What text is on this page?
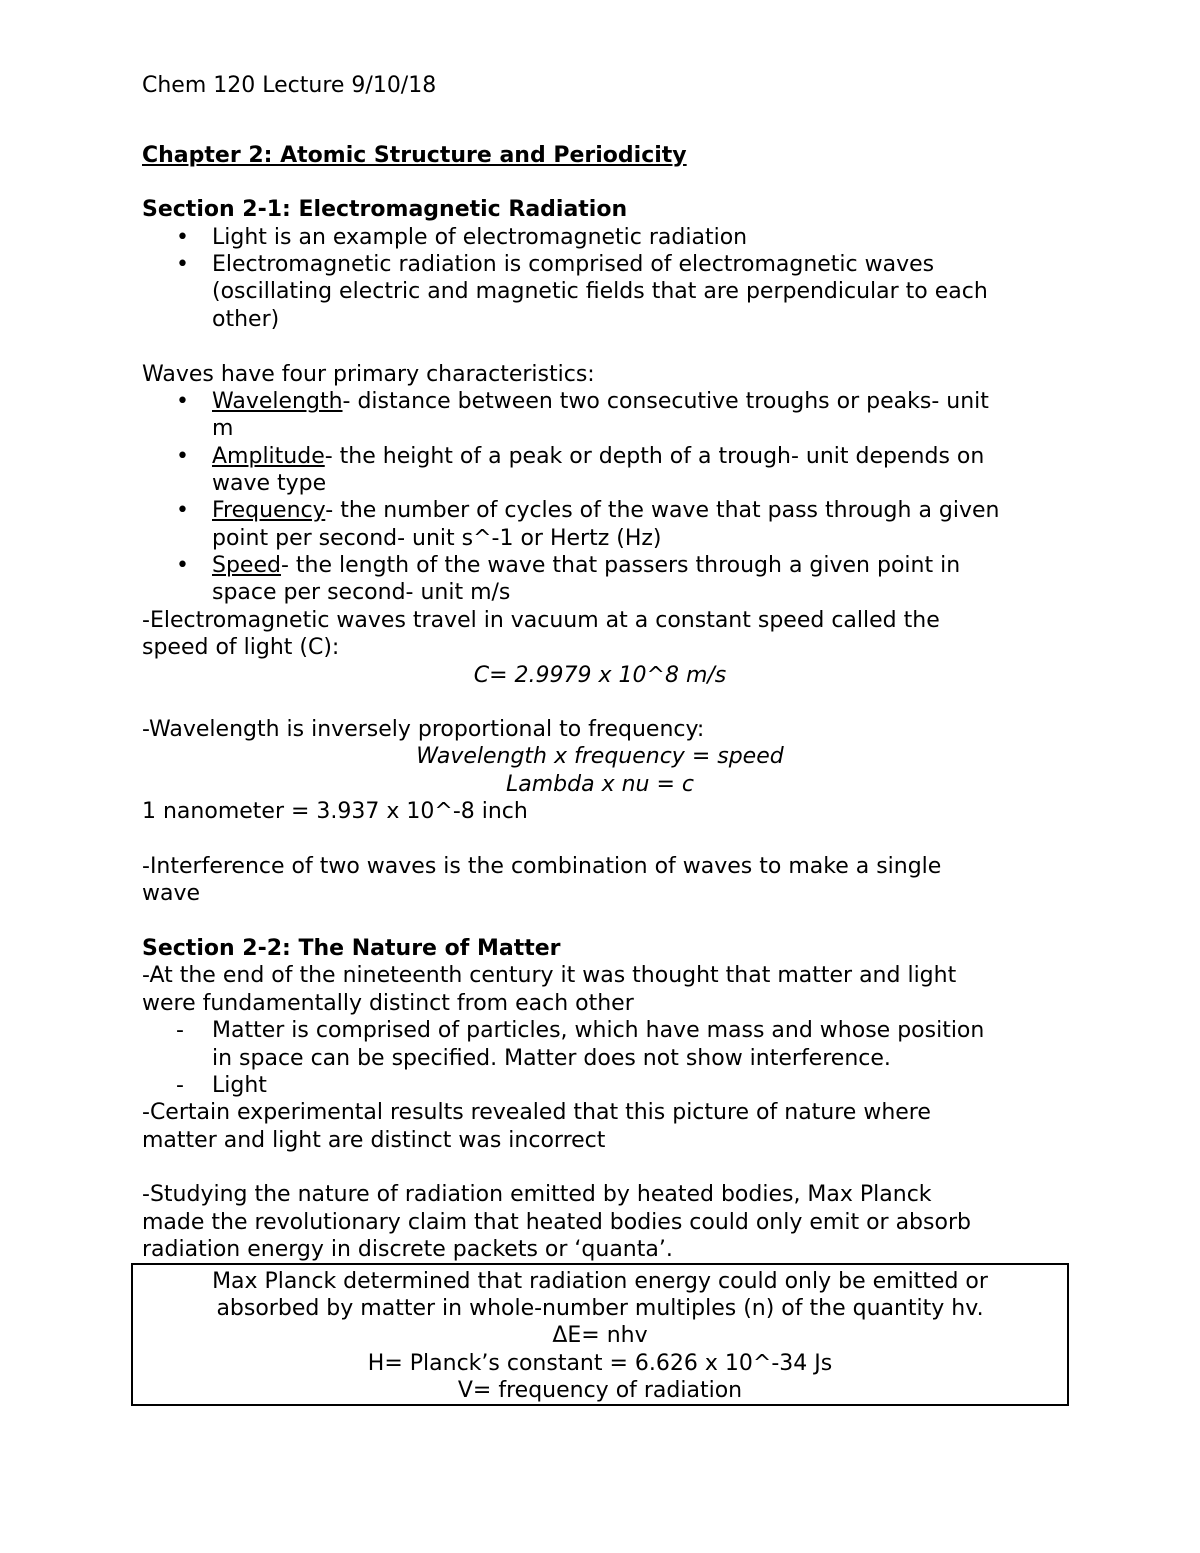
Chem 120 Lecture 9/10/18
Chapter 2: Atomic Structure and Periodicity
Section 2-1: Electromagnetic Radiation
• Light is an example of electromagnetic radiation
• Electromagnetic radiation is comprised of electromagnetic waves
(oscillating electric and magnetic fields that are perpendicular to each
other)
Waves have four primary characteristics:
• Wavelength- distance between two consecutive troughs or peaks- unit
m
• Amplitude- the height of a peak or depth of a trough- unit depends on
wave type
• Frequency- the number of cycles of the wave that pass through a given
point per second- unit s^-1 or Hertz (Hz)
• Speed- the length of the wave that passers through a given point in
space per second- unit m/s
-Electromagnetic waves travel in vacuum at a constant speed called the
speed of light (C):
C= 2.9979 x 10^8 m/s
-Wavelength is inversely proportional to frequency:
Wavelength x frequency = speed
Lambda x nu = c
1 nanometer = 3.937 x 10^-8 inch
-Interference of two waves is the combination of waves to make a single
wave
Section 2-2: The Nature of Matter
-At the end of the nineteenth century it was thought that matter and light
were fundamentally distinct from each other
- Matter is comprised of particles, which have mass and whose position
in space can be specified. Matter does not show interference.
- Light
-Certain experimental results revealed that this picture of nature where
matter and light are distinct was incorrect
-Studying the nature of radiation emitted by heated bodies, Max Planck
made the revolutionary claim that heated bodies could only emit or absorb
radiation energy in discrete packets or ‘quanta’.
Max Planck determined that radiation energy could only be emitted or
absorbed by matter in whole-number multiples (n) of the quantity hv.
ΔE= nhv
H= Planck’s constant = 6.626 x 10^-34 Js
V= frequency of radiation
